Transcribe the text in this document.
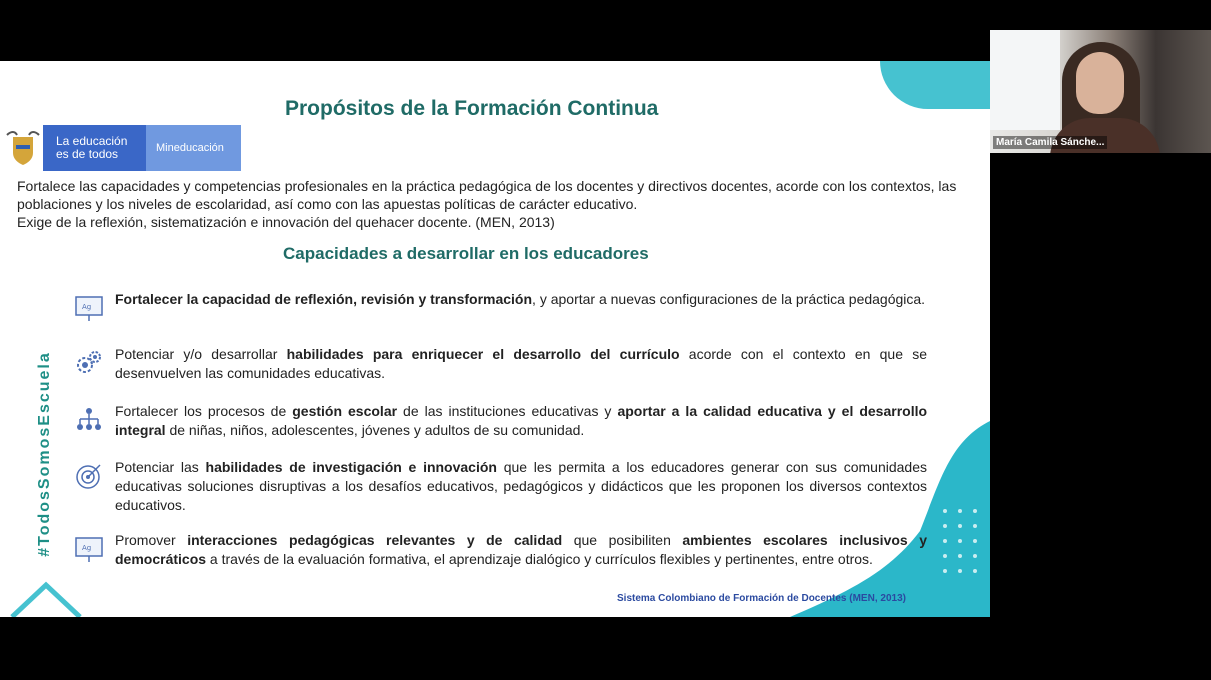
Propósitos de la Formación Continua
La educación
es de todos	Mineducación

Fortalece las capacidades y competencias profesionales en la práctica pedagógica de los docentes y directivos docentes, acorde con los contextos, las poblaciones y los niveles de escolaridad, así como con las apuestas políticas de carácter educativo.

Exige de la reflexión, sistematización e innovación del quehacer docente. (MEN, 2013)

Capacidades a desarrollar en los educadores
#TodosSomosEscuela
Ag Fortalecer la capacidad de reflexión, revisión y transformación, y aportar a nuevas configuraciones de la práctica pedagógica.
Potenciar y/o desarrollar habilidades para enriquecer el desarrollo del currículo acorde con el contexto en que se desenvuelven las comunidades educativas.
Fortalecer los procesos de gestión escolar de las instituciones educativas y aportar a la calidad educativa y el desarrollo integral de niñas, niños, adolescentes, jóvenes y adultos de su comunidad.
Potenciar las habilidades de investigación e innovación que les permita a los educadores generar con sus comunidades educativas soluciones disruptivas a los desafíos educativos, pedagógicos y didácticos que les proponen los diversos contextos educativos.
Ag Promover interacciones pedagógicas relevantes y de calidad que posibiliten ambientes escolares inclusivos y democráticos a través de la evaluación formativa, el aprendizaje dialógico y currículos flexibles y pertinentes, entre otros.
Sistema Colombiano de Formación de Docentes (MEN, 2013)
María Camila Sánche...
